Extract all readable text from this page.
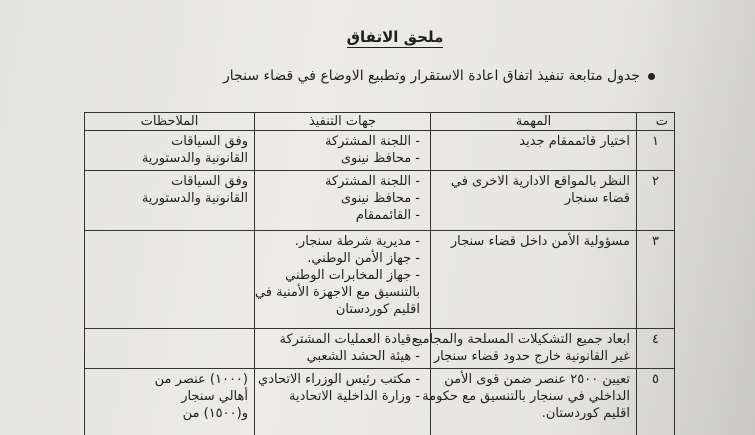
ملحق الاتفاق
جدول متابعة تنفيذ اتفاق اعادة الاستقرار وتطبيع الاوضاع في قضاء سنجار
ت	المهمة	جهات التنفيذ	الملاحظات
١	اختيار قائممقام جديد	- اللجنة المشتركة
- محافظ نينوى	وفق السياقات
القانونية والدستورية

٢	النظر بالمواقع الادارية الاخرى في
قضاء سنجار	- اللجنة المشتركة
- محافظ نينوى
- القائممقام	وفق السياقات
القانونية والدستورية

٣	مسؤولية الأمن داخل قضاء سنجار	- مديرية شرطة سنجار.
- جهاز الأمن الوطني.
- جهاز المخابرات الوطني
بالتنسيق مع الاجهزة الأمنية في
اقليم كوردستان	

٤	ابعاد جميع التشكيلات المسلحة والمجاميع
غير القانونية خارج حدود قضاء سنجار	- قيادة العمليات المشتركة
- هيئة الحشد الشعبي	

٥	تعيين ٢٥٠٠ عنصر ضمن قوى الأمن
الداخلي في سنجار بالتنسيق مع حكومة
اقليم كوردستان.	- مكتب رئيس الوزراء الاتحادي
- وزارة الداخلية الاتحادية	(١٠٠٠) عنصر من
أهالي سنجار
و(١٥٠٠) من
